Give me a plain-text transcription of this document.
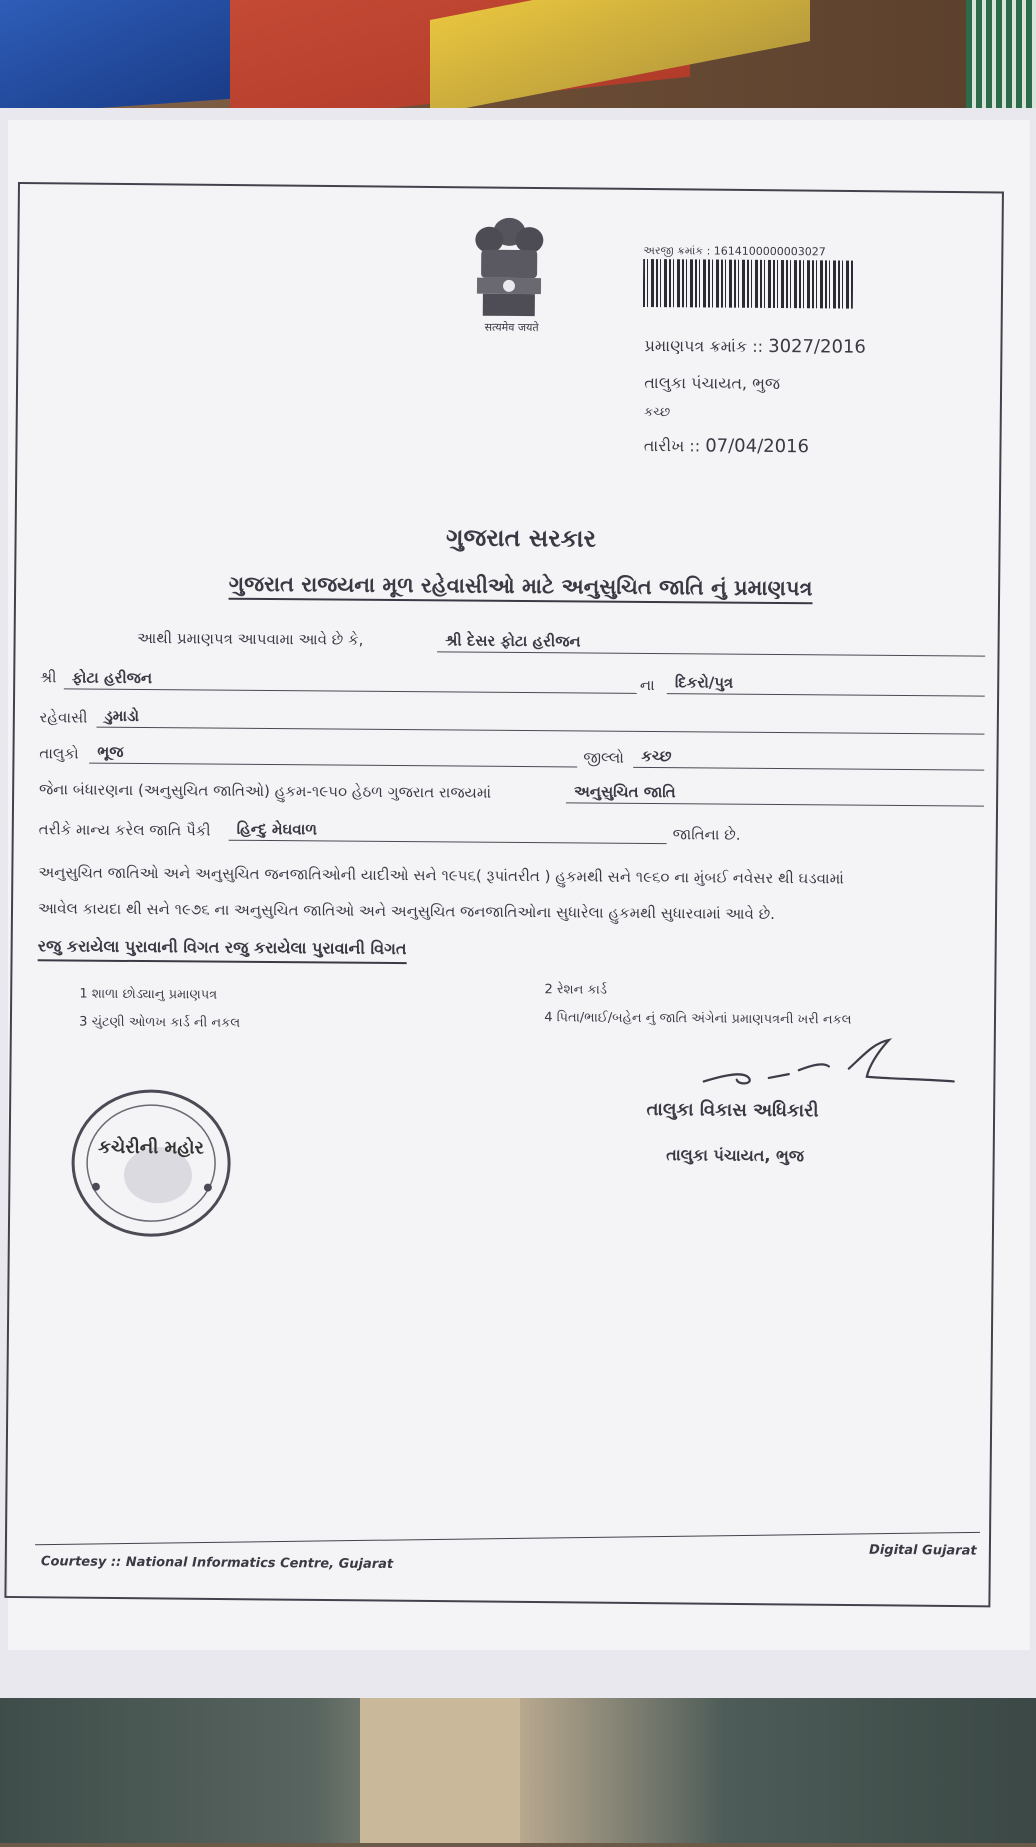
सत्यमेव जयते
અરજી ક્રમાંક : 1614100000003027
પ્રમાણપત્ર ક્રમાંક :: 3027/2016
તાલુકા પંચાયત, ભુજ
કચ્છ
તારીખ :: 07/04/2016
ગુજરાત સરકાર
ગુજરાત રાજયના મૂળ રહેવાસીઓ માટે અનુસુચિત જાતિ નું પ્રમાણપત્ર
આથી પ્રમાણપત્ર આપવામા આવે છે કે,	શ્રી દેસર ફોટા હરીજન
શ્રી	ફોટા હરીજન	ના	દિકરો/પુત્ર
રહેવાસી	ડુમાડો
તાલુકો	ભૂજ	જીલ્લો	કચ્છ
જેના બંધારણના (અનુસુચિત જાતિઓ) હુકમ-૧૯૫૦ હેઠળ ગુજરાત રાજયમાં	અનુસુચિત જાતિ
તરીકે માન્ય કરેલ જાતિ પૈકી	હિન્દુ મેઘવાળ	જાતિના છે.
અનુસુચિત જાતિઓ અને અનુસુચિત જનજાતિઓની યાદીઓ સને ૧૯૫૬( રૂપાંતરીત ) હુકમથી સને ૧૯૬૦ ના મુંબઈ નવેસર થી ઘડવામાં
આવેલ કાયદા થી સને ૧૯૭૬ ના અનુસુચિત જાતિઓ અને અનુસુચિત જનજાતિઓના સુધારેલા હુકમથી સુધારવામાં આવે છે.
રજુ કરાયેલા પુરાવાની વિગત રજુ કરાયેલા પુરાવાની વિગત
1 શાળા છોડ્યાનુ પ્રમાણપત્ર	2 રેશન કાર્ડ
3 ચુંટણી ઓળખ કાર્ડ ની નકલ	4 પિતા/ભાઈ/બહેન નું જાતિ અંગેનાં પ્રમાણપત્રની ખરી નકલ
તાલુકા વિકાસ અધિકારી
તાલુકા પંચાયત, ભુજ
કચેરીની મહોર
Courtesy :: National Informatics Centre, Gujarat
Digital Gujarat
